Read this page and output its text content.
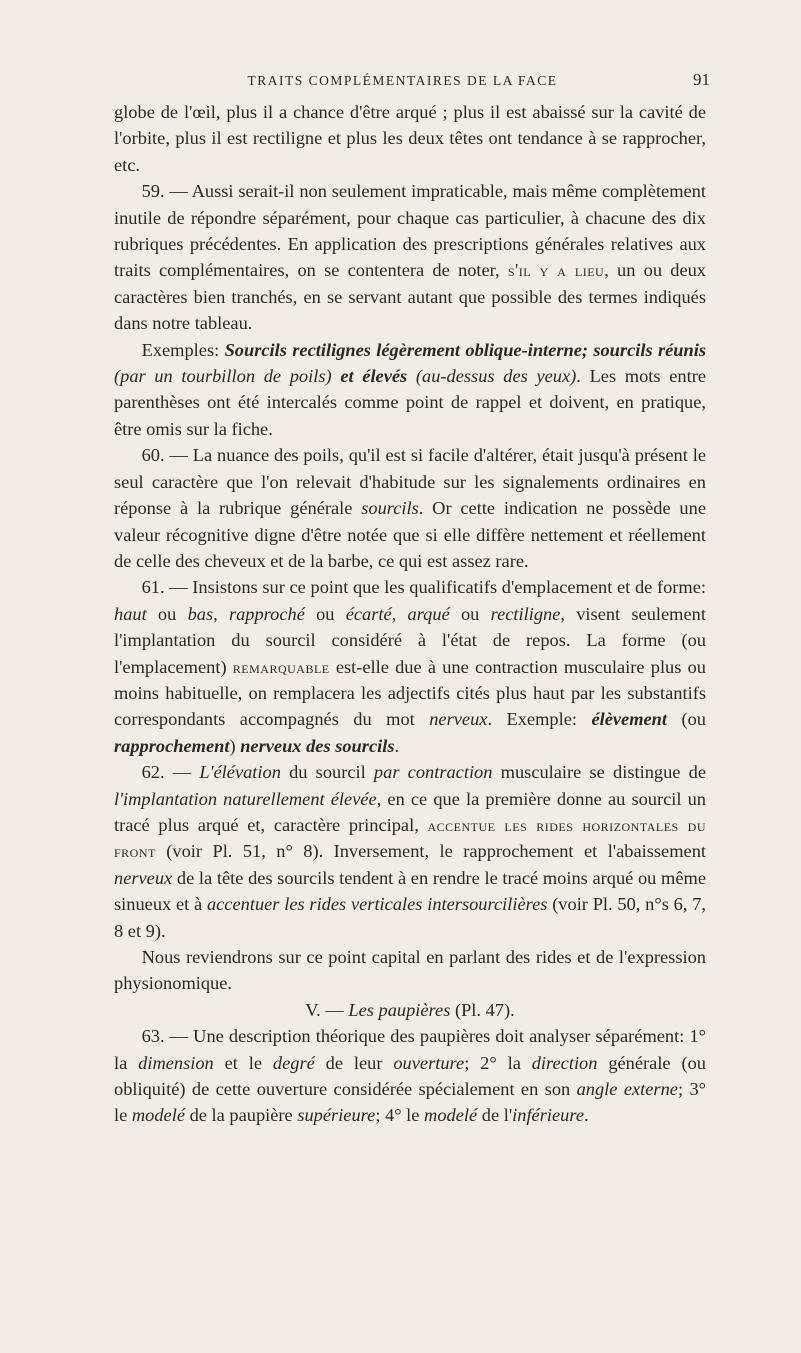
TRAITS COMPLÉMENTAIRES DE LA FACE	91

globe de l'œil, plus il a chance d'être arqué ; plus il est abaissé sur la cavité de l'orbite, plus il est rectiligne et plus les deux têtes ont tendance à se rapprocher, etc.

59. — Aussi serait-il non seulement impraticable, mais même complètement inutile de répondre séparément, pour chaque cas particulier, à chacune des dix rubriques précédentes. En application des prescriptions générales relatives aux traits complémentaires, on se contentera de noter, s'il y a lieu, un ou deux caractères bien tranchés, en se servant autant que possible des termes indiqués dans notre tableau.

Exemples: Sourcils rectilignes légèrement oblique-interne; sourcils réunis (par un tourbillon de poils) et élevés (au-dessus des yeux). Les mots entre parenthèses ont été intercalés comme point de rappel et doivent, en pratique, être omis sur la fiche.

60. — La nuance des poils, qu'il est si facile d'altérer, était jusqu'à présent le seul caractère que l'on relevait d'habitude sur les signalements ordinaires en réponse à la rubrique générale sourcils. Or cette indication ne possède une valeur récognitive digne d'être notée que si elle diffère nettement et réellement de celle des cheveux et de la barbe, ce qui est assez rare.

61. — Insistons sur ce point que les qualificatifs d'emplacement et de forme: haut ou bas, rapproché ou écarté, arqué ou rectiligne, visent seulement l'implantation du sourcil considéré à l'état de repos. La forme (ou l'emplacement) remarquable est-elle due à une contraction musculaire plus ou moins habituelle, on remplacera les adjectifs cités plus haut par les substantifs correspondants accompagnés du mot nerveux. Exemple: élèvement (ou rapprochement) nerveux des sourcils.

62. — L'élévation du sourcil par contraction musculaire se distingue de l'implantation naturellement élevée, en ce que la première donne au sourcil un tracé plus arqué et, caractère principal, accentue les rides horizontales du front (voir Pl. 51, n° 8). Inversement, le rapprochement et l'abaissement nerveux de la tête des sourcils tendent à en rendre le tracé moins arqué ou même sinueux et à accentuer les rides verticales intersourcilières (voir Pl. 50, n°s 6, 7, 8 et 9).

Nous reviendrons sur ce point capital en parlant des rides et de l'expression physionomique.

V. — Les paupières (Pl. 47).

63. — Une description théorique des paupières doit analyser séparément: 1° la dimension et le degré de leur ouverture; 2° la direction générale (ou obliquité) de cette ouverture considérée spécialement en son angle externe; 3° le modelé de la paupière supérieure; 4° le modelé de l'inférieure.
